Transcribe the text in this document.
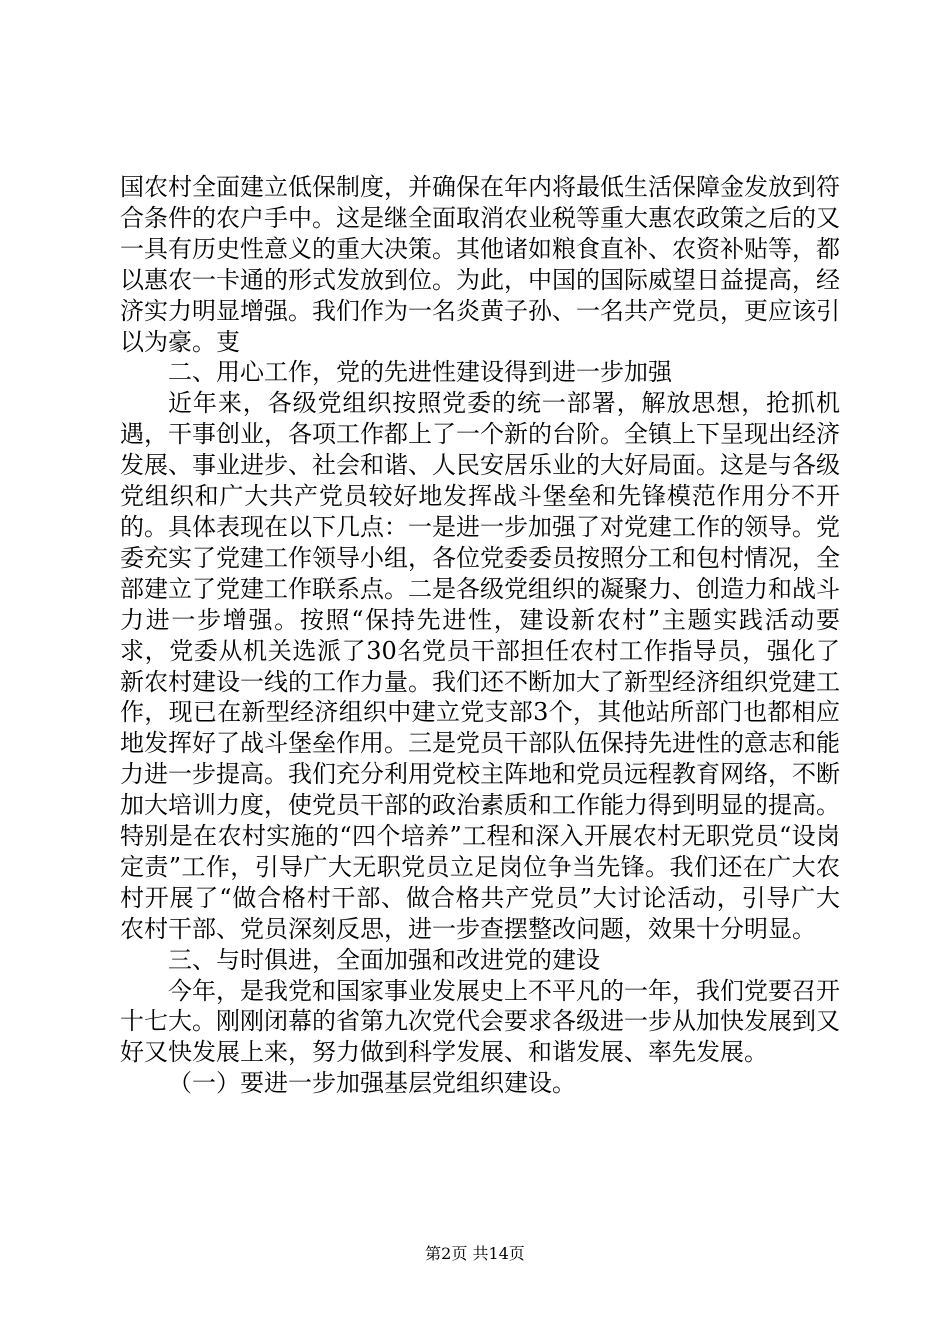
国农村全面建立低保制度，并确保在年内将最低生活保障金发放到符合条件的农户手中。这是继全面取消农业税等重大惠农政策之后的又一具有历史性意义的重大决策。其他诸如粮食直补、农资补贴等，都以惠农一卡通的形式发放到位。为此，中国的国际威望日益提高，经济实力明显增强。我们作为一名炎黄子孙、一名共产党员，更应该引以为豪。叓

二、用心工作，党的先进性建设得到进一步加强

近年来，各级党组织按照党委的统一部署，解放思想，抢抓机遇，干事创业，各项工作都上了一个新的台阶。全镇上下呈现出经济发展、事业进步、社会和谐、人民安居乐业的大好局面。这是与各级党组织和广大共产党员较好地发挥战斗堡垒和先锋模范作用分不开的。具体表现在以下几点：一是进一步加强了对党建工作的领导。党委充实了党建工作领导小组，各位党委委员按照分工和包村情况，全部建立了党建工作联系点。二是各级党组织的凝聚力、创造力和战斗力进一步增强。按照“保持先进性，建设新农村”主题实践活动要求，党委从机关选派了30名党员干部担任农村工作指导员，强化了新农村建设一线的工作力量。我们还不断加大了新型经济组织党建工作，现已在新型经济组织中建立党支部3个，其他站所部门也都相应地发挥好了战斗堡垒作用。三是党员干部队伍保持先进性的意志和能力进一步提高。我们充分利用党校主阵地和党员远程教育网络，不断加大培训力度，使党员干部的政治素质和工作能力得到明显的提高。特别是在农村实施的“四个培养”工程和深入开展农村无职党员“设岗定责”工作，引导广大无职党员立足岗位争当先锋。我们还在广大农村开展了“做合格村干部、做合格共产党员”大讨论活动，引导广大农村干部、党员深刻反思，进一步查摆整改问题，效果十分明显。

三、与时俱进，全面加强和改进党的建设

今年，是我党和国家事业发展史上不平凡的一年，我们党要召开十七大。刚刚闭幕的省第九次党代会要求各级进一步从加快发展到又好又快发展上来，努力做到科学发展、和谐发展、率先发展。

（一）要进一步加强基层党组织建设。

第2页 共14页
